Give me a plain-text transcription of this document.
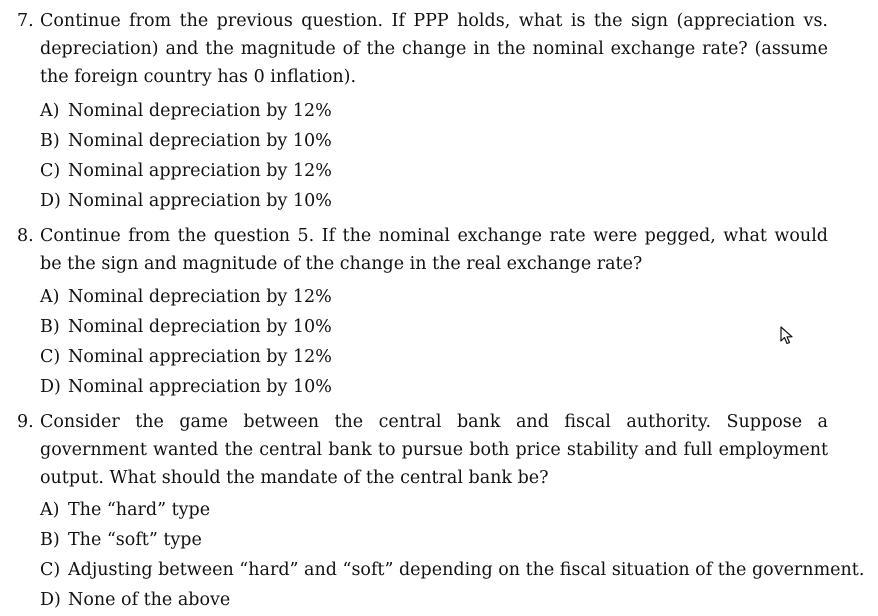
7. Continue from the previous question. If PPP holds, what is the sign (appreciation vs. depreciation) and the magnitude of the change in the nominal exchange rate? (assume the foreign country has 0 inflation).
A) Nominal depreciation by 12%
B) Nominal depreciation by 10%
C) Nominal appreciation by 12%
D) Nominal appreciation by 10%
8. Continue from the question 5. If the nominal exchange rate were pegged, what would be the sign and magnitude of the change in the real exchange rate?
A) Nominal depreciation by 12%
B) Nominal depreciation by 10%
C) Nominal appreciation by 12%
D) Nominal appreciation by 10%
9. Consider the game between the central bank and fiscal authority. Suppose a government wanted the central bank to pursue both price stability and full employment output. What should the mandate of the central bank be?
A) The “hard” type
B) The “soft” type
C) Adjusting between “hard” and “soft” depending on the fiscal situation of the government.
D) None of the above
